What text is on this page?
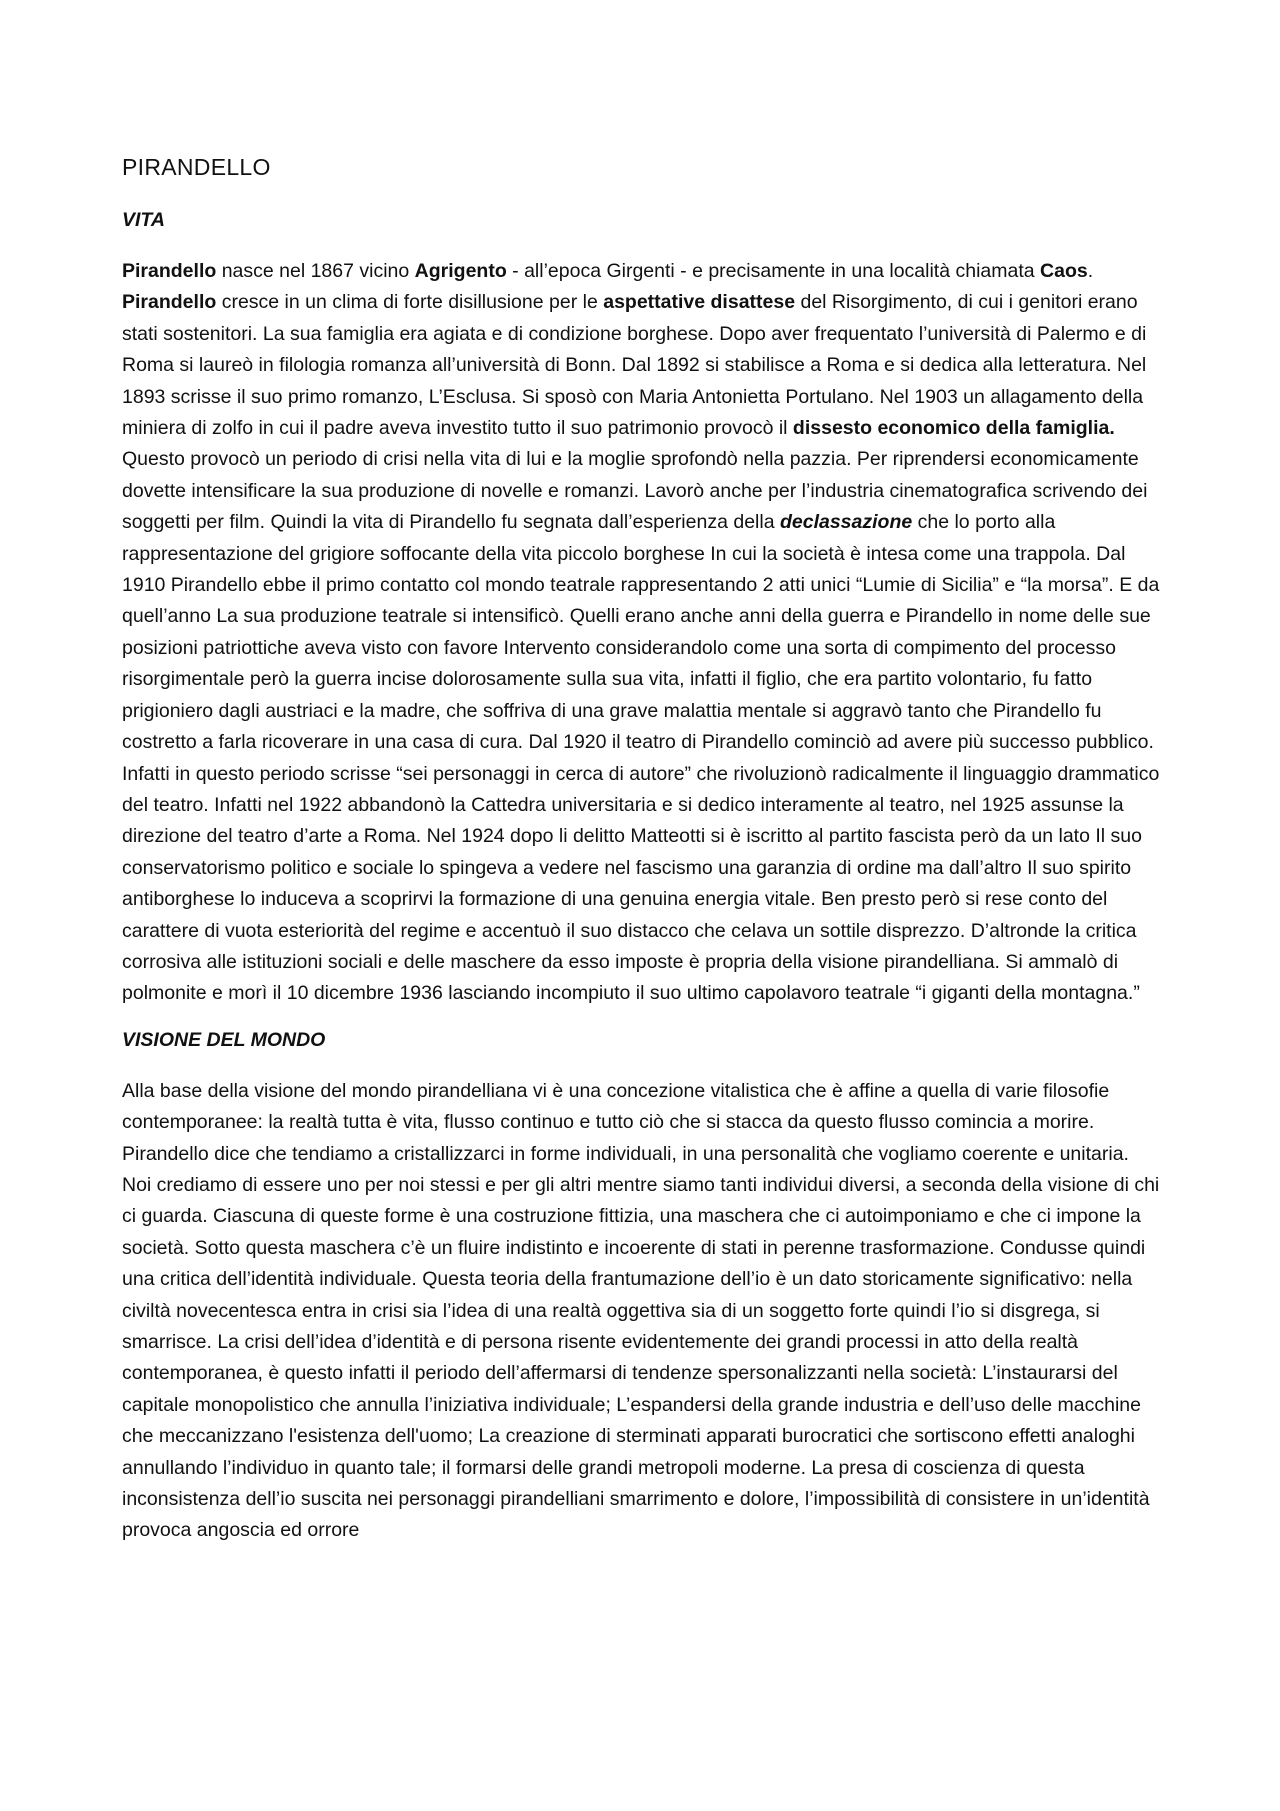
PIRANDELLO
VITA

Pirandello nasce nel 1867 vicino Agrigento - all’epoca Girgenti - e precisamente in una località chiamata Caos. Pirandello cresce in un clima di forte disillusione per le aspettative disattese del Risorgimento, di cui i genitori erano stati sostenitori. La sua famiglia era agiata e di condizione borghese. Dopo aver frequentato l’università di Palermo e di Roma si laureò in filologia romanza all’università di Bonn. Dal 1892 si stabilisce a Roma e si dedica alla letteratura. Nel 1893 scrisse il suo primo romanzo, L’Esclusa. Si sposò con Maria Antonietta Portulano. Nel 1903 un allagamento della miniera di zolfo in cui il padre aveva investito tutto il suo patrimonio provocò il dissesto economico della famiglia. Questo provocò un periodo di crisi nella vita di lui e la moglie sprofondò nella pazzia. Per riprendersi economicamente dovette intensificare la sua produzione di novelle e romanzi. Lavorò anche per l’industria cinematografica scrivendo dei soggetti per film. Quindi la vita di Pirandello fu segnata dall’esperienza della declassazione che lo porto alla rappresentazione del grigiore soffocante della vita piccolo borghese In cui la società è intesa come una trappola. Dal 1910 Pirandello ebbe il primo contatto col mondo teatrale rappresentando 2 atti unici “Lumie di Sicilia” e “la morsa”. E da quell’anno La sua produzione teatrale si intensificò. Quelli erano anche anni della guerra e Pirandello in nome delle sue posizioni patriottiche aveva visto con favore Intervento considerandolo come una sorta di compimento del processo risorgimentale però la guerra incise dolorosamente sulla sua vita, infatti il figlio, che era partito volontario, fu fatto prigioniero dagli austriaci e la madre, che soffriva di una grave malattia mentale si aggravò tanto che Pirandello fu costretto a farla ricoverare in una casa di cura. Dal 1920 il teatro di Pirandello cominciò ad avere più successo pubblico. Infatti in questo periodo scrisse “sei personaggi in cerca di autore” che rivoluzionò radicalmente il linguaggio drammatico del teatro. Infatti nel 1922 abbandonò la Cattedra universitaria e si dedico interamente al teatro, nel 1925 assunse la direzione del teatro d’arte a Roma. Nel 1924 dopo li delitto Matteotti si è iscritto al partito fascista però da un lato Il suo conservatorismo politico e sociale lo spingeva a vedere nel fascismo una garanzia di ordine ma dall’altro Il suo spirito antiborghese lo induceva a scoprirvi la formazione di una genuina energia vitale. Ben presto però si rese conto del carattere di vuota esteriorità del regime e accentuò il suo distacco che celava un sottile disprezzo. D’altronde la critica corrosiva alle istituzioni sociali e delle maschere da esso imposte è propria della visione pirandelliana. Si ammalò di polmonite e morì il 10 dicembre 1936 lasciando incompiuto il suo ultimo capolavoro teatrale “i giganti della montagna.”

VISIONE DEL MONDO

Alla base della visione del mondo pirandelliana vi è una concezione vitalistica che è affine a quella di varie filosofie contemporanee: la realtà tutta è vita, flusso continuo e tutto ciò che si stacca da questo flusso comincia a morire. Pirandello dice che tendiamo a cristallizzarci in forme individuali, in una personalità che vogliamo coerente e unitaria. Noi crediamo di essere uno per noi stessi e per gli altri mentre siamo tanti individui diversi, a seconda della visione di chi ci guarda. Ciascuna di queste forme è una costruzione fittizia, una maschera che ci autoimponiamo e che ci impone la società. Sotto questa maschera c’è un fluire indistinto e incoerente di stati in perenne trasformazione. Condusse quindi una critica dell’identità individuale. Questa teoria della frantumazione dell’io è un dato storicamente significativo: nella civiltà novecentesca entra in crisi sia l’idea di una realtà oggettiva sia di un soggetto forte quindi l’io si disgrega, si smarrisce. La crisi dell’idea d’identità e di persona risente evidentemente dei grandi processi in atto della realtà contemporanea, è questo infatti il periodo dell’affermarsi di tendenze spersonalizzanti nella società: L’instaurarsi del capitale monopolistico che annulla l’iniziativa individuale; L’espandersi della grande industria e dell’uso delle macchine che meccanizzano l'esistenza dell'uomo; La creazione di sterminati apparati burocratici che sortiscono effetti analoghi annullando l’individuo in quanto tale; il formarsi delle grandi metropoli moderne. La presa di coscienza di questa inconsistenza dell’io suscita nei personaggi pirandelliani smarrimento e dolore, l’impossibilità di consistere in un’identità provoca angoscia ed orrore
